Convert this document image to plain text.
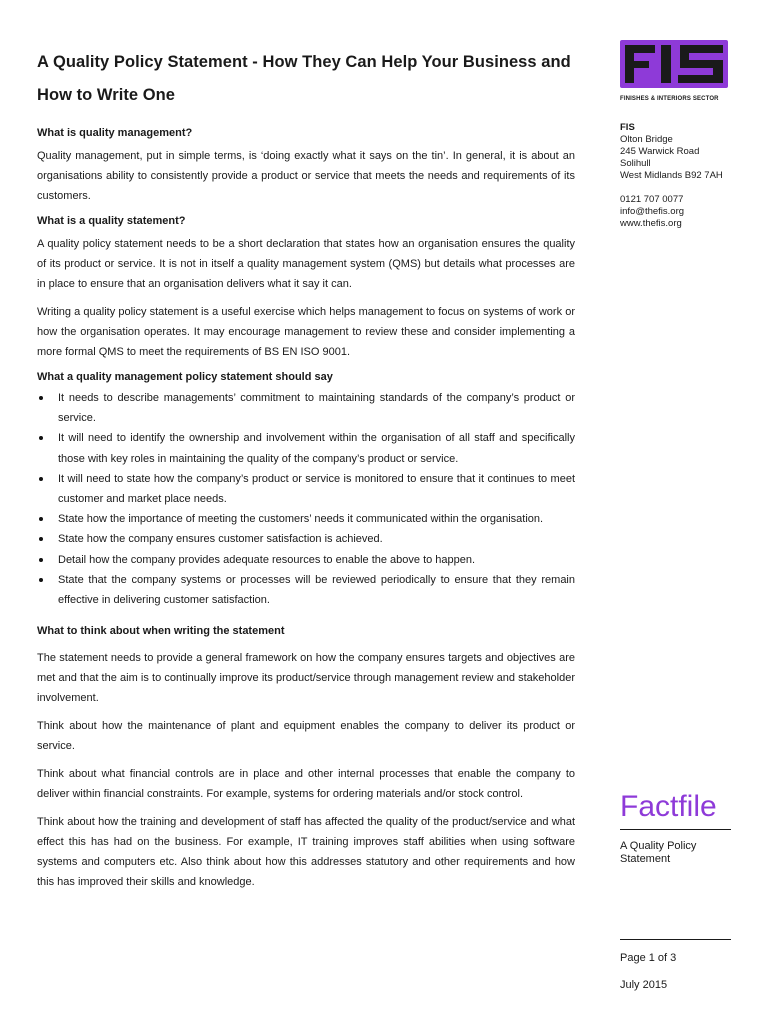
A Quality Policy Statement - How They Can Help Your Business and How to Write One
What is quality management?

Quality management, put in simple terms, is ‘doing exactly what it says on the tin’. In general, it is about an organisations ability to consistently provide a product or service that meets the needs and requirements of its customers.

What is a quality statement?

A quality policy statement needs to be a short declaration that states how an organisation ensures the quality of its product or service. It is not in itself a quality management system (QMS) but details what processes are in place to ensure that an organisation delivers what it say it can.

Writing a quality policy statement is a useful exercise which helps management to focus on systems of work or how the organisation operates. It may encourage management to review these and consider implementing a more formal QMS to meet the requirements of BS EN ISO 9001.

What a quality management policy statement should say
It needs to describe managements’ commitment to maintaining standards of the company’s product or service.
It will need to identify the ownership and involvement within the organisation of all staff and specifically those with key roles in maintaining the quality of the company’s product or service.
It will need to state how the company’s product or service is monitored to ensure that it continues to meet customer and market place needs.
State how the importance of meeting the customers’ needs it communicated within the organisation.
State how the company ensures customer satisfaction is achieved.
Detail how the company provides adequate resources to enable the above to happen.
State that the company systems or processes will be reviewed periodically to ensure that they remain effective in delivering customer satisfaction.
What to think about when writing the statement

The statement needs to provide a general framework on how the company ensures targets and objectives are met and that the aim is to continually improve its product/service through management review and stakeholder involvement.

Think about how the maintenance of plant and equipment enables the company to deliver its product or service.

Think about what financial controls are in place and other internal processes that enable the company to deliver within financial constraints. For example, systems for ordering materials and/or stock control.

Think about how the training and development of staff has affected the quality of the product/service and what effect this has had on the business. For example, IT training improves staff abilities when using software systems and computers etc. Also think about how this addresses statutory and other requirements and how this has improved their skills and knowledge.

FINISHES & INTERIORS SECTOR
FIS
Olton Bridge
245 Warwick Road
Solihull
West Midlands B92 7AH
0121 707 0077
info@thefis.org
www.thefis.org
Factfile
A Quality Policy Statement
Page 1 of 3
July 2015
